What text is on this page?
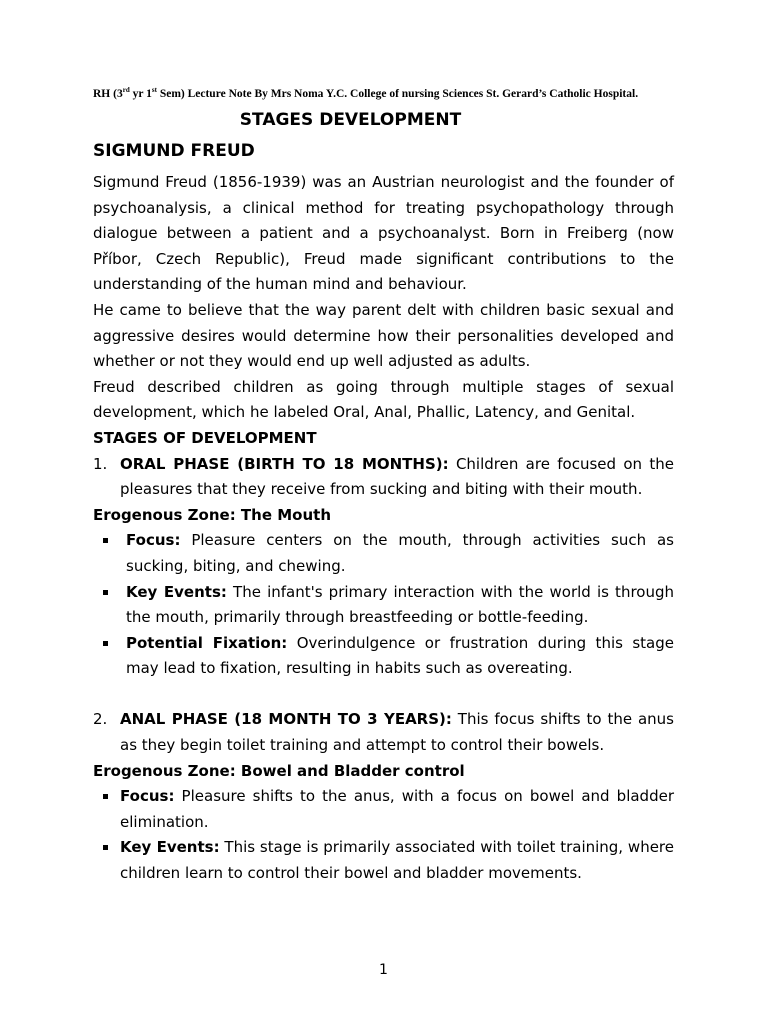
RH (3rd yr 1st Sem) Lecture Note By Mrs Noma Y.C. College of nursing Sciences St. Gerard’s Catholic Hospital.
STAGES DEVELOPMENT
SIGMUND FREUD

Sigmund Freud (1856-1939) was an Austrian neurologist and the founder of psychoanalysis, a clinical method for treating psychopathology through dialogue between a patient and a psychoanalyst. Born in Freiberg (now Příbor, Czech Republic), Freud made significant contributions to the understanding of the human mind and behaviour.

He came to believe that the way parent delt with children basic sexual and aggressive desires would determine how their personalities developed and whether or not they would end up well adjusted as adults.

Freud described children as going through multiple stages of sexual development, which he labeled Oral, Anal, Phallic, Latency, and Genital.

STAGES OF DEVELOPMENT

1. ORAL PHASE (BIRTH TO 18 MONTHS): Children are focused on the pleasures that they receive from sucking and biting with their mouth.

Erogenous Zone: The Mouth

Focus: Pleasure centers on the mouth, through activities such as sucking, biting, and chewing.
Key Events: The infant's primary interaction with the world is through the mouth, primarily through breastfeeding or bottle-feeding.
Potential Fixation: Overindulgence or frustration during this stage may lead to fixation, resulting in habits such as overeating.
2. ANAL PHASE (18 MONTH TO 3 YEARS): This focus shifts to the anus as they begin toilet training and attempt to control their bowels.

Erogenous Zone: Bowel and Bladder control

Focus: Pleasure shifts to the anus, with a focus on bowel and bladder elimination.
Key Events: This stage is primarily associated with toilet training, where children learn to control their bowel and bladder movements.
1
